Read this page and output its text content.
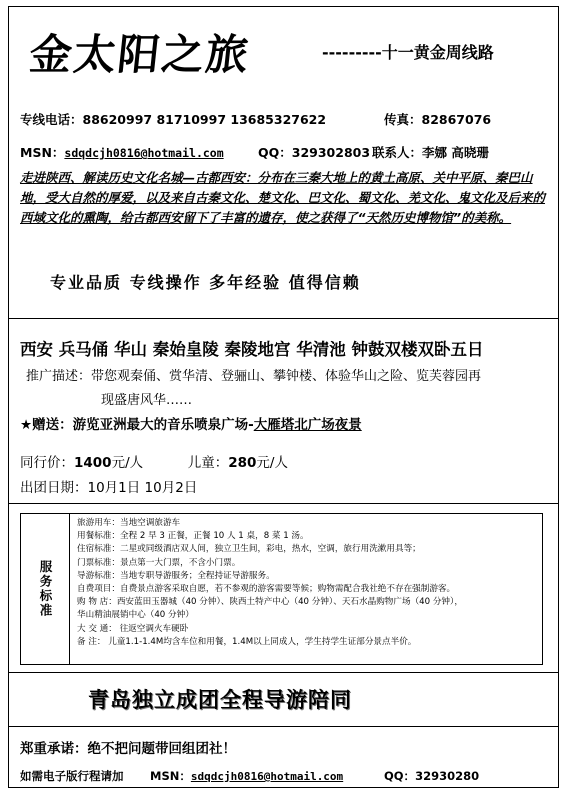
金太阳之旅	---------十一黄金周线路
专线电话：88620997 81710997 13685327622	传真：82867076
MSN：sdqdcjh0816@hotmail.com	QQ：329302803 联系人：李娜 高晓珊
走进陕西、解读历史文化名城—古都西安：分布在三秦大地上的黄土高原、关中平原、秦巴山地，受大自然的厚爱，以及来自古秦文化、楚文化、巴文化、蜀文化、羌文化、鬼文化及后来的西域文化的熏陶，给古都西安留下了丰富的遗存，使之获得了“天然历史博物馆”的美称。
专业品质 专线操作 多年经验 值得信赖
西安 兵马俑 华山 秦始皇陵 秦陵地宫 华清池 钟鼓双楼双卧五日
推广描述：带您观秦俑、赏华清、登骊山、攀钟楼、体验华山之险、览芙蓉园再
现盛唐风华……
★赠送：游览亚洲最大的音乐喷泉广场-大雁塔北广场夜景
同行价：1400元/人	儿童：280元/人
出团日期：10月1日 10月2日
服务标准
旅游用车：当地空调旅游车
用餐标准：全程 2 早 3 正餐，正餐 10 人 1 桌，8 菜 1 汤。
住宿标准：二星或同级酒店双人间，独立卫生间，彩电，热水，空调，旅行用洗漱用具等；
门票标准：景点第一大门票，不含小门票。
导游标准：当地专职导游服务；全程持证导游服务。
自费项目：自费景点游客采取自愿，若不参观的游客需要等候；购物需配合我社绝不存在强制游客。
购 物 店：西安蓝田玉器城（40 分钟）、陕西土特产中心（40 分钟）、天石水晶购物广场（40 分钟），
华山精油展销中心（40 分钟）
大 交 通： 往返空调火车硬卧
备 注： 儿童1.1-1.4M均含车位和用餐，1.4M以上同成人，学生持学生证部分景点半价。
青岛独立成团全程导游陪同
郑重承诺：绝不把问题带回组团社！
如需电子版行程请加 MSN：sdqdcjh0816@hotmail.com	QQ：32930280
